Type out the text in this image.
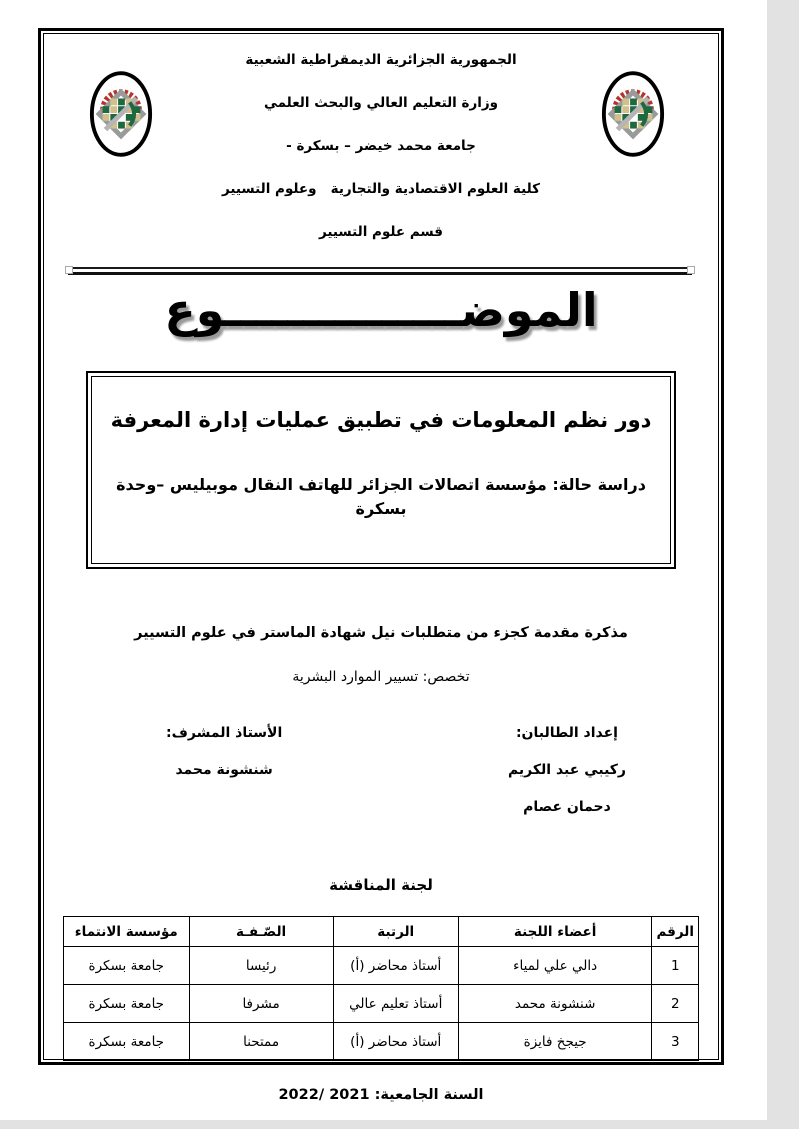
الجمهورية الجزائرية الديمقراطية الشعبية
وزارة التعليم العالي والبحث العلمي
جامعة محمد خيضر – بسكرة -
كلية العلوم الاقتصادية والتجارية   وعلوم التسيير
قسم علوم التسيير
الموضـــــــــــــــوع
دور نظم المعلومات في تطبيق عمليات إدارة المعرفة
دراسة حالة: مؤسسة اتصالات الجزائر للهاتف النقال موبيليس –وحدة بسكرة
مذكرة مقدمة كجزء من متطلبات نيل شهادة الماستر في علوم التسيير
تخصص: تسيير الموارد البشرية
إعداد الطالبان:
ركيبي عبد الكريم
دحمان عصام
الأستاذ المشرف:
شنشونة محمد
لجنة المناقشة
الرقم	أعضاء اللجنة	الرتبة	الصّـفـة	مؤسسة الانتماء
1	دالي علي لمياء	أستاذ محاضر (أ)	رئيسا	جامعة بسكرة
2	شنشونة محمد	أستاذ تعليم عالي	مشرفا	جامعة بسكرة
3	جيجخ فايزة	أستاذ محاضر (أ)	ممتحنا	جامعة بسكرة
السنة الجامعية: 2021 /2022
